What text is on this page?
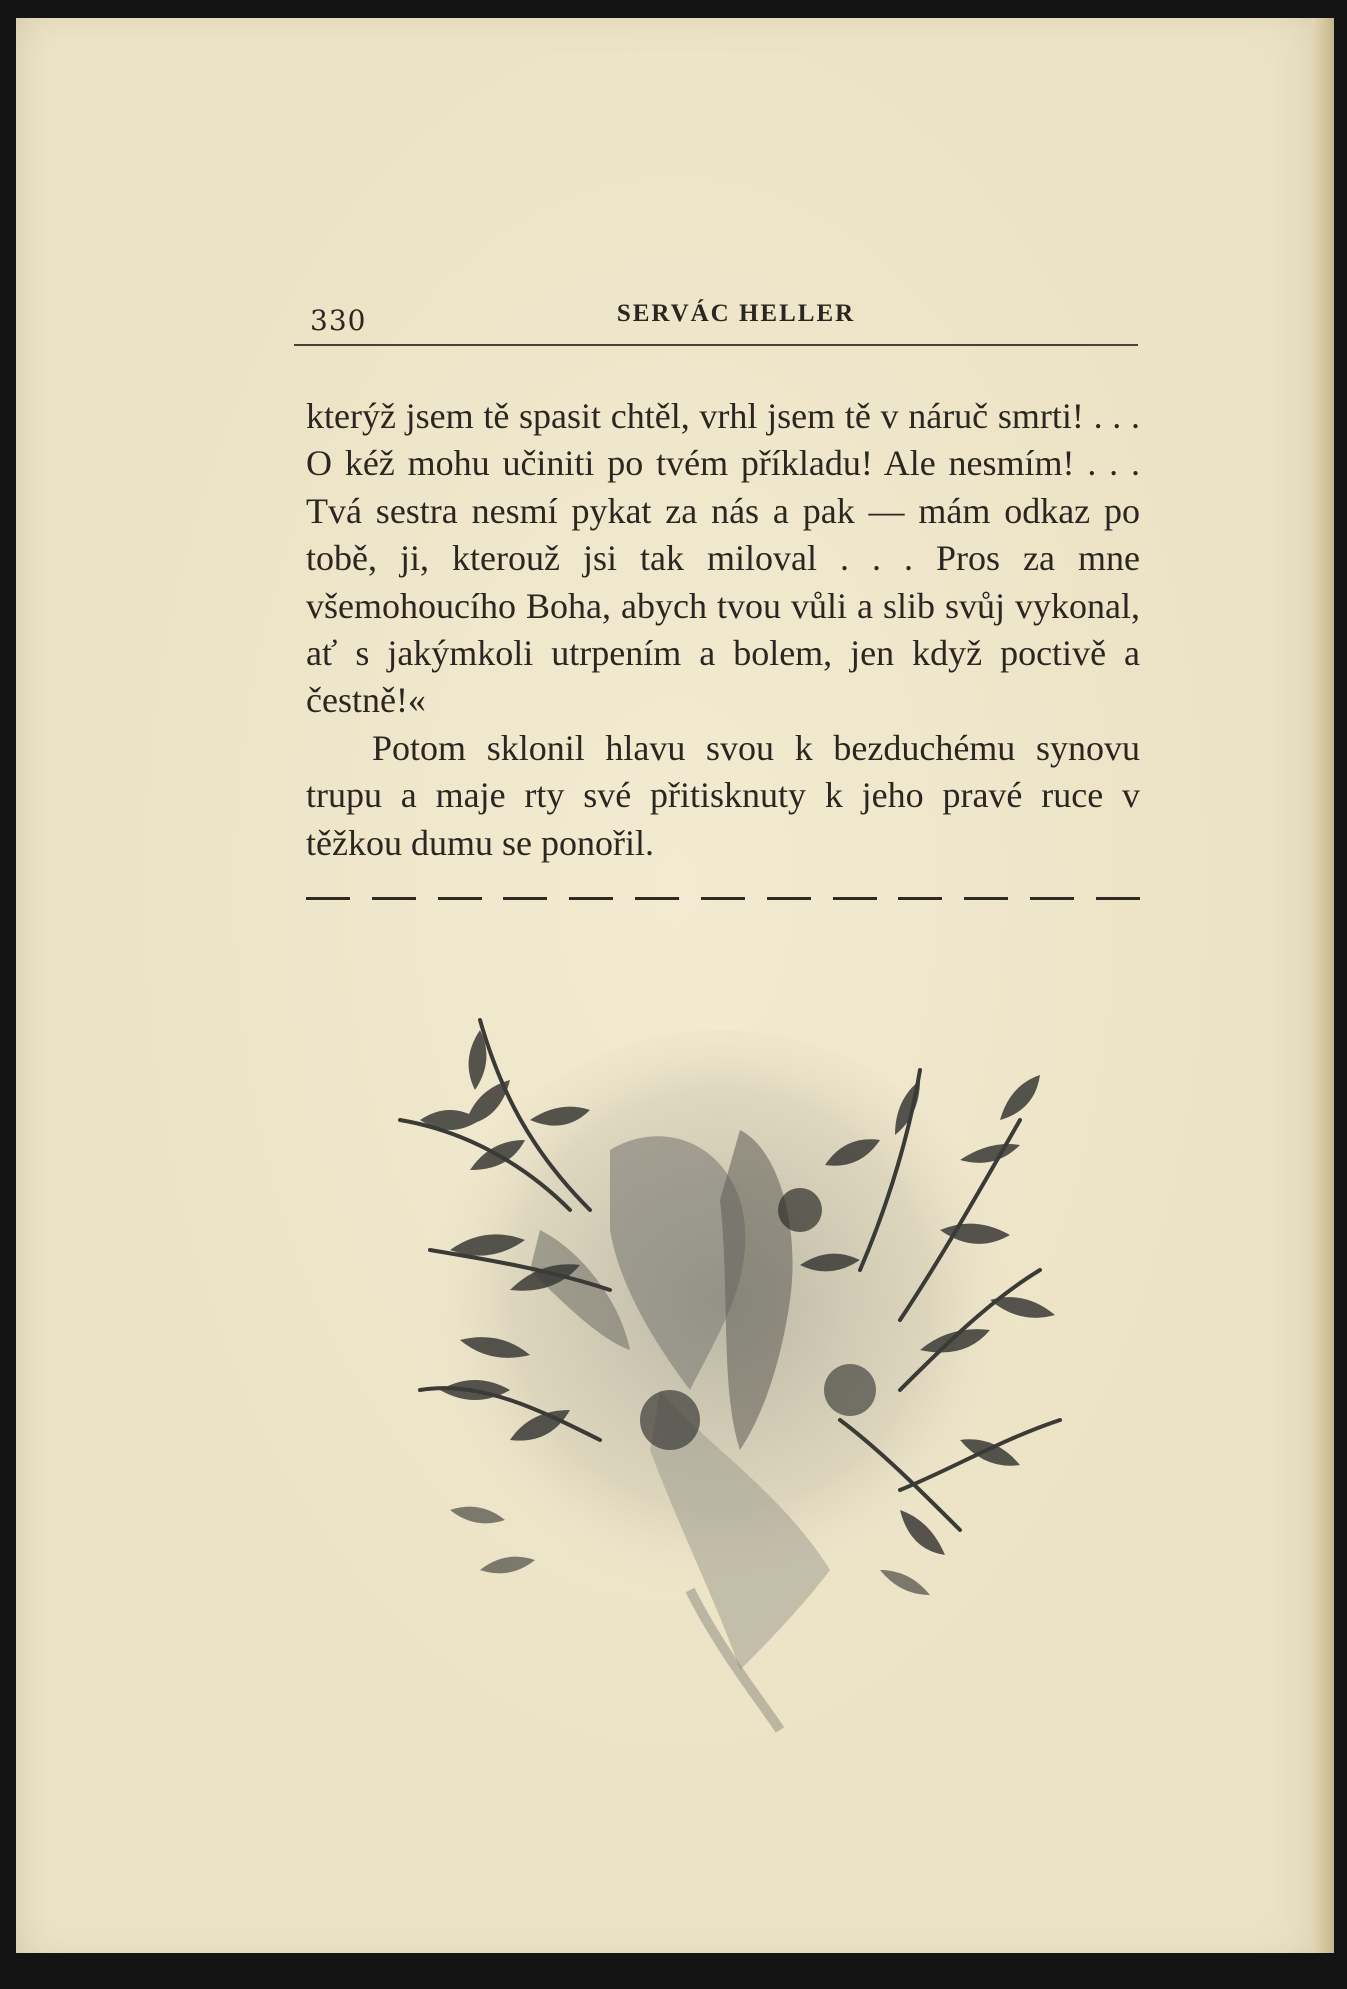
330	SERVÁC HELLER

kterýž jsem tě spasit chtěl, vrhl jsem tě v náruč smrti! . . . O kéž mohu učiniti po tvém příkladu! Ale nesmím! . . . Tvá sestra nesmí pykat za nás a pak — mám odkaz po tobě, ji, kterouž jsi tak miloval . . . Pros za mne všemohoucího Boha, abych tvou vůli a slib svůj vykonal, ať s jakýmkoli utrpením a bolem, jen když poctivě a čestně!«

Potom sklonil hlavu svou k bezduchému synovu trupu a maje rty své přitisknuty k jeho pravé ruce v těžkou dumu se ponořil.
